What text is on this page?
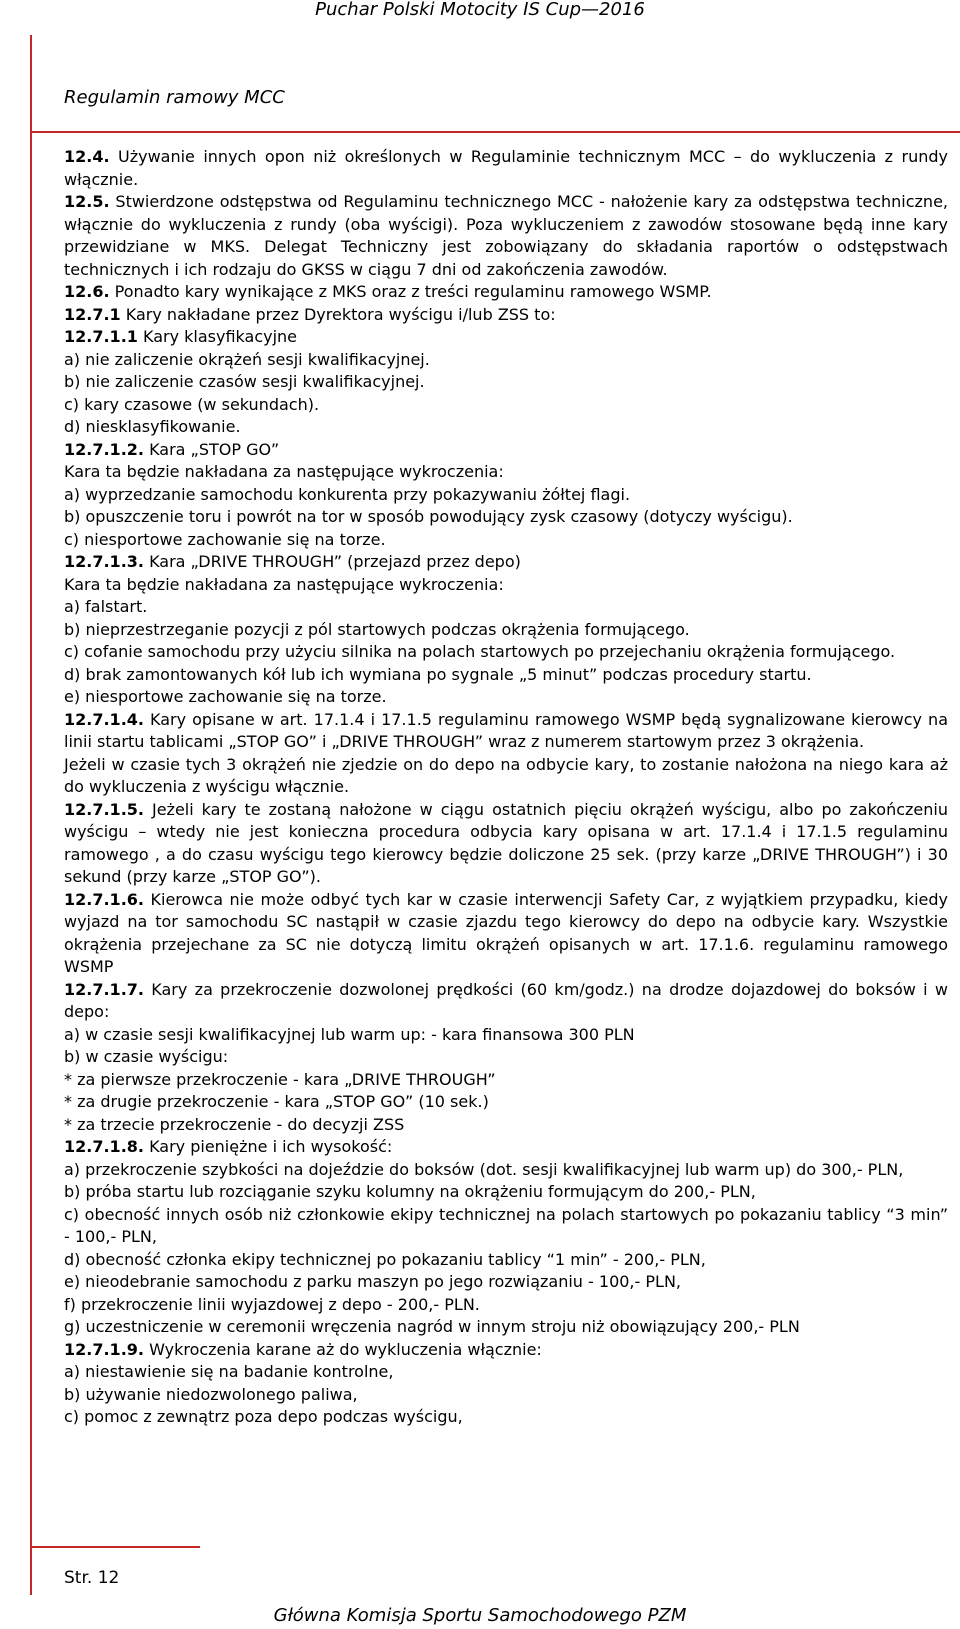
Puchar Polski Motocity IS Cup—2016
Regulamin ramowy MCC

12.4. Używanie innych opon niż określonych w Regulaminie technicznym MCC – do wykluczenia z rundy włącznie.

12.5. Stwierdzone odstępstwa od Regulaminu technicznego MCC - nałożenie kary za odstępstwa techniczne, włącznie do wykluczenia z rundy (oba wyścigi). Poza wykluczeniem z zawodów stosowane będą inne kary przewidziane w MKS. Delegat Techniczny jest zobowiązany do składania raportów o odstępstwach technicznych i ich rodzaju do GKSS w ciągu 7 dni od zakończenia zawodów.

12.6. Ponadto kary wynikające z MKS oraz z treści regulaminu ramowego WSMP.

12.7.1 Kary nakładane przez Dyrektora wyścigu i/lub ZSS to:

12.7.1.1 Kary klasyfikacyjne

a) nie zaliczenie okrążeń sesji kwalifikacyjnej.

b) nie zaliczenie czasów sesji kwalifikacyjnej.

c) kary czasowe (w sekundach).

d) niesklasyfikowanie.

12.7.1.2. Kara „STOP GO”

Kara ta będzie nakładana za następujące wykroczenia:

a) wyprzedzanie samochodu konkurenta przy pokazywaniu żółtej flagi.

b) opuszczenie toru i powrót na tor w sposób powodujący zysk czasowy (dotyczy wyścigu).

c) niesportowe zachowanie się na torze.

12.7.1.3. Kara „DRIVE THROUGH” (przejazd przez depo)

Kara ta będzie nakładana za następujące wykroczenia:

a) falstart.

b) nieprzestrzeganie pozycji z pól startowych podczas okrążenia formującego.

c) cofanie samochodu przy użyciu silnika na polach startowych po przejechaniu okrążenia formującego.

d) brak zamontowanych kół lub ich wymiana po sygnale „5 minut” podczas procedury startu.

e) niesportowe zachowanie się na torze.

12.7.1.4. Kary opisane w art. 17.1.4 i 17.1.5 regulaminu ramowego WSMP będą sygnalizowane kierowcy na linii startu tablicami „STOP GO” i „DRIVE THROUGH” wraz z numerem startowym przez 3 okrążenia.

Jeżeli w czasie tych 3 okrążeń nie zjedzie on do depo na odbycie kary, to zostanie nałożona na niego kara aż do wykluczenia z wyścigu włącznie.

12.7.1.5. Jeżeli kary te zostaną nałożone w ciągu ostatnich pięciu okrążeń wyścigu, albo po zakończeniu wyścigu – wtedy nie jest konieczna procedura odbycia kary opisana w art. 17.1.4 i 17.1.5 regulaminu ramowego , a do czasu wyścigu tego kierowcy będzie doliczone 25 sek. (przy karze „DRIVE THROUGH”) i 30 sekund (przy karze „STOP GO”).

12.7.1.6. Kierowca nie może odbyć tych kar w czasie interwencji Safety Car, z wyjątkiem przypadku, kiedy wyjazd na tor samochodu SC nastąpił w czasie zjazdu tego kierowcy do depo na odbycie kary. Wszystkie okrążenia przejechane za SC nie dotyczą limitu okrążeń opisanych w art. 17.1.6. regulaminu ramowego WSMP

12.7.1.7. Kary za przekroczenie dozwolonej prędkości (60 km/godz.) na drodze dojazdowej do boksów i w depo:

a) w czasie sesji kwalifikacyjnej lub warm up: - kara finansowa 300 PLN

b) w czasie wyścigu:

* za pierwsze przekroczenie - kara „DRIVE THROUGH”

* za drugie przekroczenie - kara „STOP GO” (10 sek.)

* za trzecie przekroczenie - do decyzji ZSS

12.7.1.8. Kary pieniężne i ich wysokość:

a) przekroczenie szybkości na dojeździe do boksów (dot. sesji kwalifikacyjnej lub warm up) do 300,- PLN,

b) próba startu lub rozciąganie szyku kolumny na okrążeniu formującym do 200,- PLN,

c) obecność innych osób niż członkowie ekipy technicznej na polach startowych po pokazaniu tablicy “3 min” - 100,- PLN,

d) obecność członka ekipy technicznej po pokazaniu tablicy “1 min” - 200,- PLN,

e) nieodebranie samochodu z parku maszyn po jego rozwiązaniu - 100,- PLN,

f) przekroczenie linii wyjazdowej z depo - 200,- PLN.

g) uczestniczenie w ceremonii wręczenia nagród w innym stroju niż obowiązujący 200,- PLN

12.7.1.9. Wykroczenia karane aż do wykluczenia włącznie:

a) niestawienie się na badanie kontrolne,

b) używanie niedozwolonego paliwa,

c) pomoc z zewnątrz poza depo podczas wyścigu,

Str. 12
Główna Komisja Sportu Samochodowego PZM
